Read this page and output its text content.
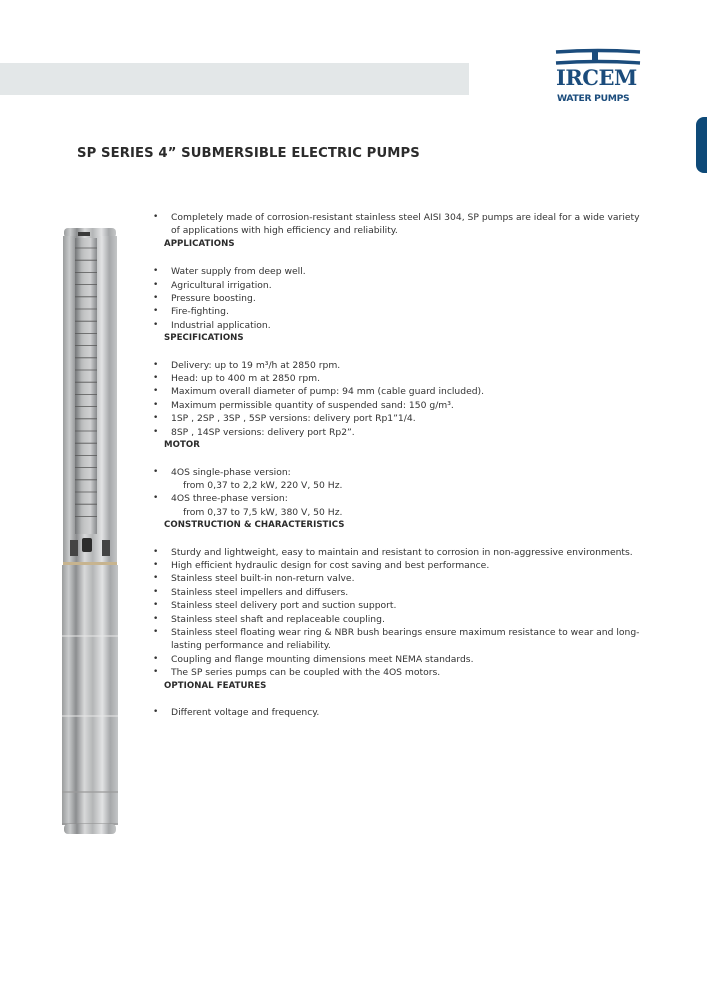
IRCEM
WATER PUMPS
SP SERIES 4” SUBMERSIBLE ELECTRIC PUMPS
• Completely made of corrosion-resistant stainless steel AISI 304, SP pumps are ideal for a wide variety of applications with high efficiency and reliability.
APPLICATIONS
• Water supply from deep well.
• Agricultural irrigation.
• Pressure boosting.
• Fire-fighting.
• Industrial application.
SPECIFICATIONS
• Delivery: up to 19 m³/h at 2850 rpm.
• Head: up to 400 m at 2850 rpm.
• Maximum overall diameter of pump: 94 mm (cable guard included).
• Maximum permissible quantity of suspended sand: 150 g/m³.
• 1SP , 2SP , 3SP , 5SP versions: delivery port Rp1”1/4.
• 8SP , 14SP versions: delivery port Rp2”.
MOTOR
• 4OS single-phase version:
from 0,37 to 2,2 kW, 220 V, 50 Hz.
• 4OS three-phase version:
from 0,37 to 7,5 kW, 380 V, 50 Hz.
CONSTRUCTION & CHARACTERISTICS
• Sturdy and lightweight, easy to maintain and resistant to corrosion in non-aggressive environments.
• High efficient hydraulic design for cost saving and best performance.
• Stainless steel built-in non-return valve.
• Stainless steel impellers and diffusers.
• Stainless steel delivery port and suction support.
• Stainless steel shaft and replaceable coupling.
• Stainless steel floating wear ring & NBR bush bearings ensure maximum resistance to wear and long-lasting performance and reliability.
• Coupling and flange mounting dimensions meet NEMA standards.
• The SP series pumps can be coupled with the 4OS motors.
OPTIONAL FEATURES
• Different voltage and frequency.
